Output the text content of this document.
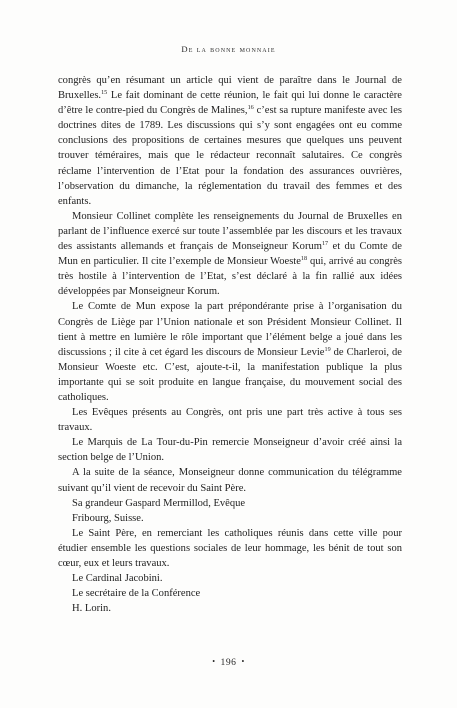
De la bonne monnaie

congrès qu’en résumant un article qui vient de paraître dans le Journal de Bruxelles.$^{15}$ Le fait dominant de cette réunion, le fait qui lui donne le caractère d’être le contre-pied du Congrès de Malines,$^{16}$ c’est sa rupture manifeste avec les doctrines dites de 1789. Les discussions qui s’y sont engagées ont eu comme conclusions des propositions de certaines mesures que quelques uns peuvent trouver téméraires, mais que le rédacteur reconnaît salutaires. Ce congrès réclame l’intervention de l’Etat pour la fondation des assurances ouvrières, l’observation du dimanche, la réglementation du travail des femmes et des enfants.

Monsieur Collinet complète les renseignements du Journal de Bruxelles en parlant de l’influence exercé sur toute l’assemblée par les discours et les travaux des assistants allemands et français de Monseigneur Korum$^{17}$ et du Comte de Mun en particulier. Il cite l’exemple de Monsieur Woeste$^{18}$ qui, arrivé au congrès très hostile à l’intervention de l’Etat, s’est déclaré à la fin rallié aux idées développées par Monseigneur Korum.

Le Comte de Mun expose la part prépondérante prise à l’organisation du Congrès de Liège par l’Union nationale et son Président Monsieur Collinet. Il tient à mettre en lumière le rôle important que l’élément belge a joué dans les discussions ; il cite à cet égard les discours de Monsieur Levie$^{19}$ de Charleroi, de Monsieur Woeste etc. C’est, ajoute-t-il, la manifestation publique la plus importante qui se soit produite en langue française, du mouvement social des catholiques.

Les Evêques présents au Congrès, ont pris une part très active à tous ses travaux.

Le Marquis de La Tour-du-Pin remercie Monseigneur d’avoir créé ainsi la section belge de l’Union.

A la suite de la séance, Monseigneur donne communication du télégramme suivant qu’il vient de recevoir du Saint Père.

Sa grandeur Gaspard Mermillod, Evêque

Fribourg, Suisse.

Le Saint Père, en remerciant les catholiques réunis dans cette ville pour étudier ensemble les questions sociales de leur hommage, les bénit de tout son cœur, eux et leurs travaux.

Le Cardinal Jacobini.

Le secrétaire de la Conférence

H. Lorin.

• 196 •
